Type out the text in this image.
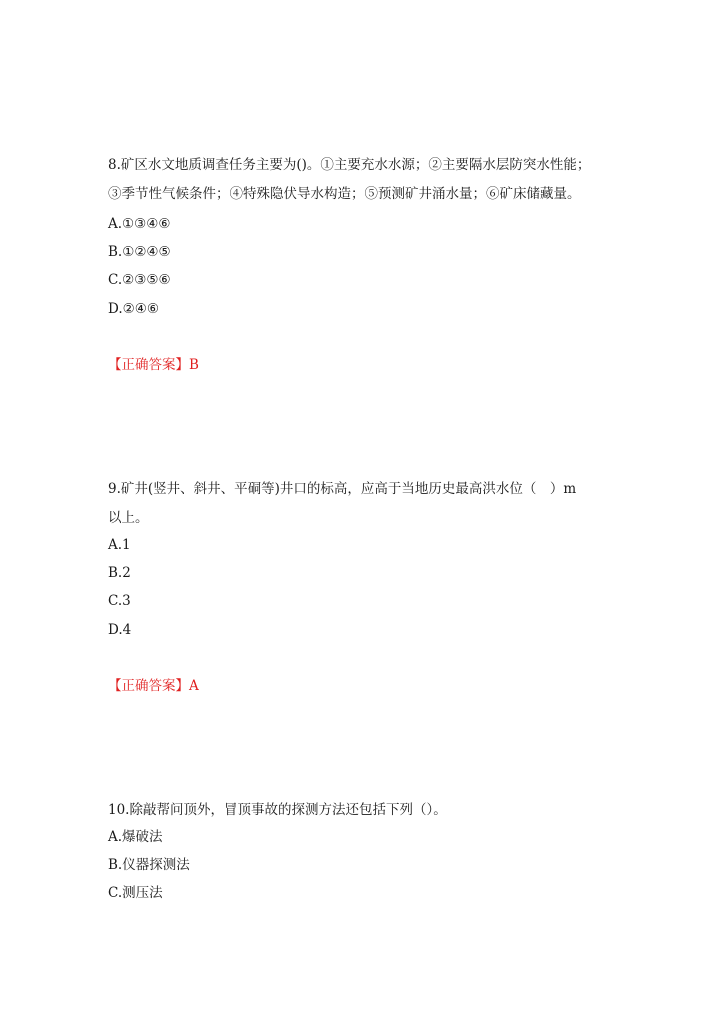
8.矿区水文地质调查任务主要为()。①主要充水水源；②主要隔水层防突水性能；
③季节性气候条件；④特殊隐伏导水构造；⑤预测矿井涌水量；⑥矿床储藏量。
A.①③④⑥
B.①②④⑤
C.②③⑤⑥
D.②④⑥
【正确答案】B
9.矿井(竖井、斜井、平硐等)井口的标高，应高于当地历史最高洪水位（　）m
以上。
A.1
B.2
C.3
D.4
【正确答案】A
10.除敲帮问顶外，冒顶事故的探测方法还包括下列（）。
A.爆破法
B.仪器探测法
C.测压法
